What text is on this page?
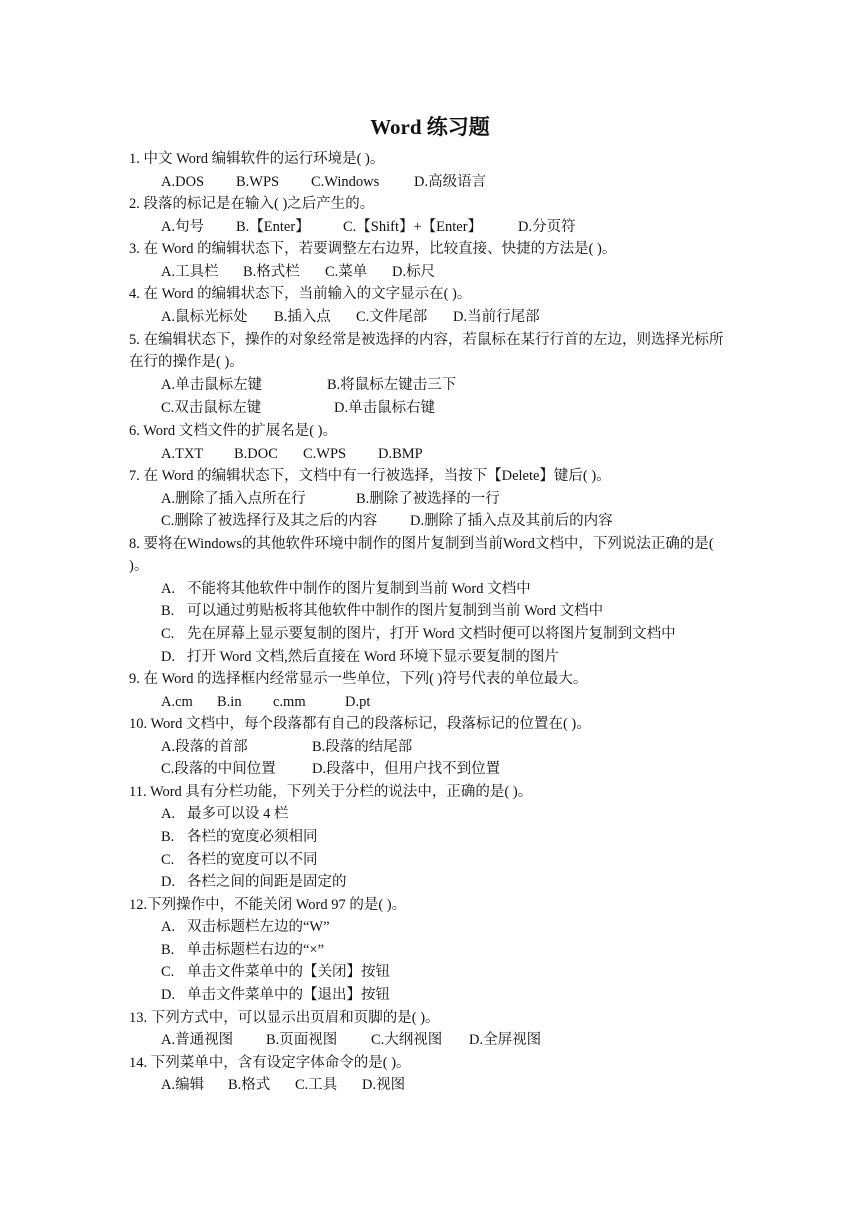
Word 练习题
1. 中文 Word 编辑软件的运行环境是( )。
A.DOS B.WPS C.Windows D.高级语言
2. 段落的标记是在输入( )之后产生的。
A.句号 B.【Enter】 C.【Shift】+【Enter】 D.分页符
3. 在 Word 的编辑状态下，若要调整左右边界，比较直接、快捷的方法是( )。
A.工具栏 B.格式栏 C.菜单 D.标尺
4. 在 Word 的编辑状态下，当前输入的文字显示在( )。
A.鼠标光标处 B.插入点 C.文件尾部 D.当前行尾部
5. 在编辑状态下，操作的对象经常是被选择的内容，若鼠标在某行行首的左边，则选择光标所在行的操作是( )。
A.单击鼠标左键	B.将鼠标左键击三下
C.双击鼠标左键	D.单击鼠标右键
6. Word 文档文件的扩展名是( )。
A.TXT B.DOC C.WPS D.BMP
7. 在 Word 的编辑状态下，文档中有一行被选择，当按下【Delete】键后( )。
A.删除了插入点所在行	B.删除了被选择的一行
C.删除了被选择行及其之后的内容 D.删除了插入点及其前后的内容
8. 要将在Windows的其他软件环境中制作的图片复制到当前Word文档中，下列说法正确的是( )。
A. 不能将其他软件中制作的图片复制到当前 Word 文档中
B. 可以通过剪贴板将其他软件中制作的图片复制到当前 Word 文档中
C. 先在屏幕上显示要复制的图片，打开 Word 文档时便可以将图片复制到文档中
D. 打开 Word 文档,然后直接在 Word 环境下显示要复制的图片
9. 在 Word 的选择框内经常显示一些单位，下列( )符号代表的单位最大。
A.cm B.in c.mm	D.pt
10. Word 文档中，每个段落都有自己的段落标记，段落标记的位置在( )。
A.段落的首部	B.段落的结尾部
C.段落的中间位置 D.段落中，但用户找不到位置
11. Word 具有分栏功能，下列关于分栏的说法中，正确的是( )。
A. 最多可以设 4 栏
B. 各栏的宽度必须相同
C. 各栏的宽度可以不同
D. 各栏之间的间距是固定的
12.下列操作中，不能关闭 Word 97 的是( )。
A. 双击标题栏左边的“W”
B. 单击标题栏右边的“×”
C. 单击文件菜单中的【关闭】按钮
D. 单击文件菜单中的【退出】按钮
13. 下列方式中，可以显示出页眉和页脚的是( )。
A.普通视图 B.页面视图 C.大纲视图 D.全屏视图
14. 下列菜单中，含有设定字体命令的是( )。
A.编辑 B.格式 C.工具 D.视图
